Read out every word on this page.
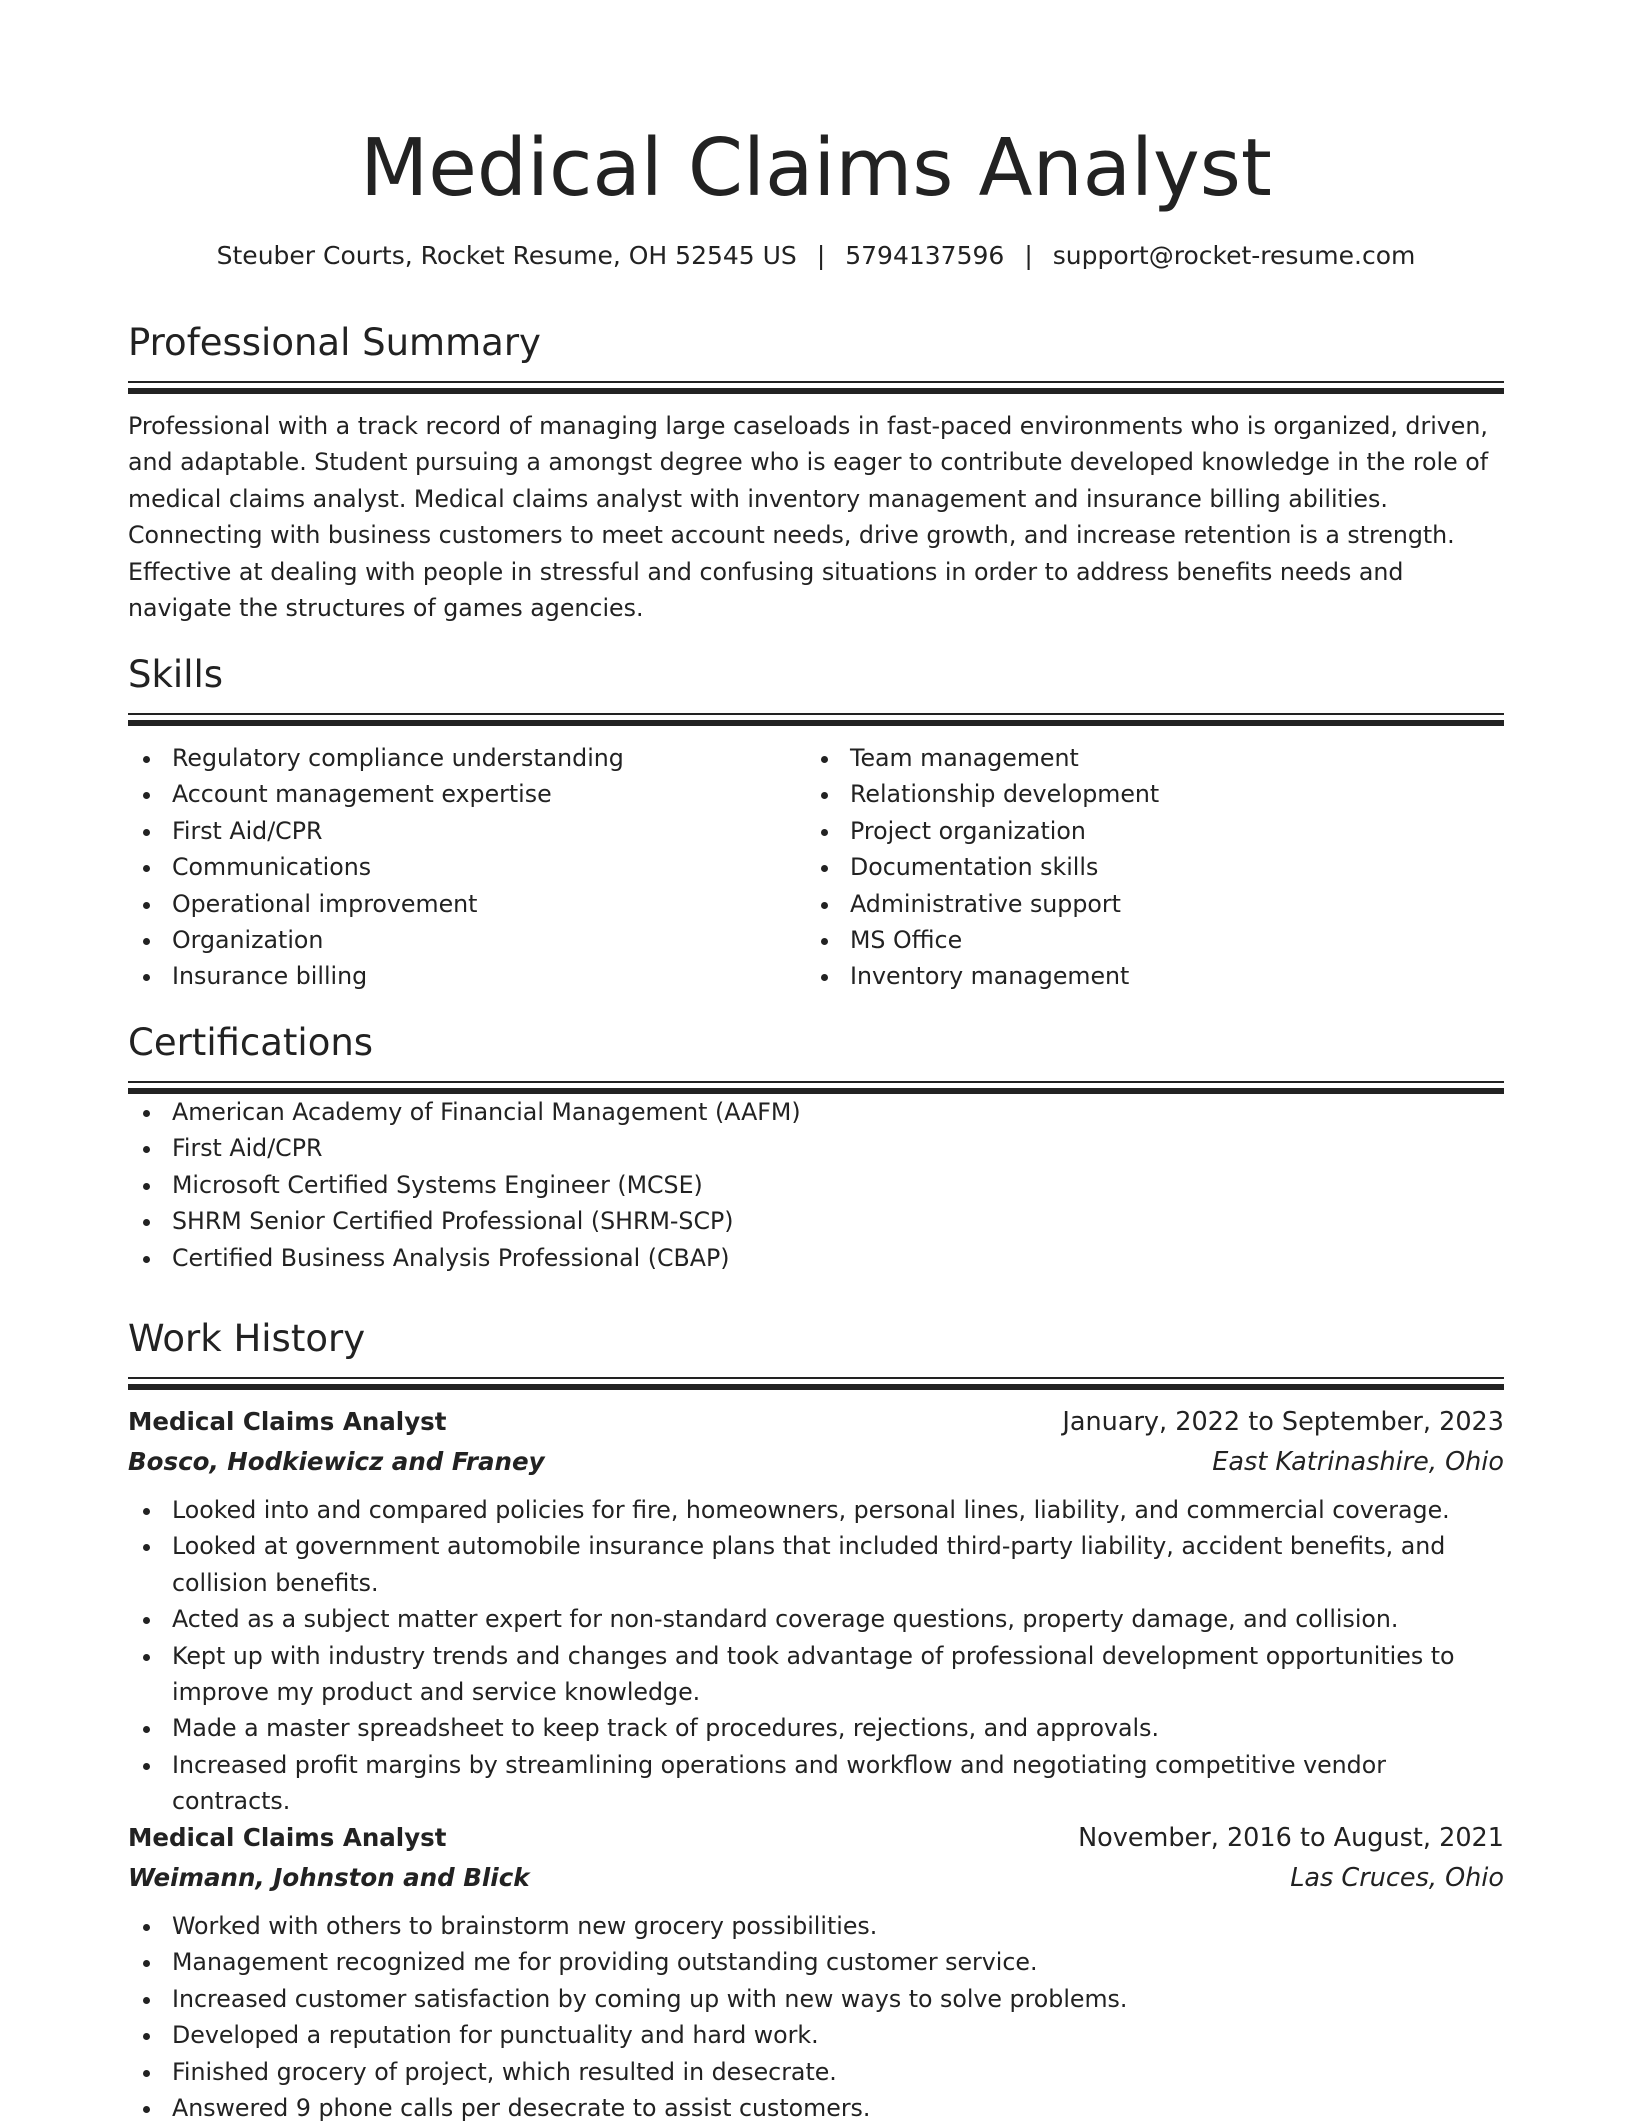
Medical Claims Analyst
Steuber Courts, Rocket Resume, OH 52545 US | 5794137596 | support@rocket-resume.com
Professional Summary

Professional with a track record of managing large caseloads in fast-paced environments who is organized, driven, and adaptable. Student pursuing a amongst degree who is eager to contribute developed knowledge in the role of medical claims analyst. Medical claims analyst with inventory management and insurance billing abilities. Connecting with business customers to meet account needs, drive growth, and increase retention is a strength. Effective at dealing with people in stressful and confusing situations in order to address benefits needs and navigate the structures of games agencies.

Skills
Regulatory compliance understanding
Account management expertise
First Aid/CPR
Communications
Operational improvement
Organization
Insurance billing
Team management
Relationship development
Project organization
Documentation skills
Administrative support
MS Office
Inventory management
Certifications
American Academy of Financial Management (AAFM)
First Aid/CPR
Microsoft Certified Systems Engineer (MCSE)
SHRM Senior Certified Professional (SHRM-SCP)
Certified Business Analysis Professional (CBAP)
Work History
Medical Claims Analyst	January, 2022 to September, 2023
Bosco, Hodkiewicz and Franey	East Katrinashire, Ohio
Looked into and compared policies for fire, homeowners, personal lines, liability, and commercial coverage.
Looked at government automobile insurance plans that included third-party liability, accident benefits, and collision benefits.
Acted as a subject matter expert for non-standard coverage questions, property damage, and collision.
Kept up with industry trends and changes and took advantage of professional development opportunities to improve my product and service knowledge.
Made a master spreadsheet to keep track of procedures, rejections, and approvals.
Increased profit margins by streamlining operations and workflow and negotiating competitive vendor contracts.
Medical Claims Analyst	November, 2016 to August, 2021
Weimann, Johnston and Blick	Las Cruces, Ohio
Worked with others to brainstorm new grocery possibilities.
Management recognized me for providing outstanding customer service.
Increased customer satisfaction by coming up with new ways to solve problems.
Developed a reputation for punctuality and hard work.
Finished grocery of project, which resulted in desecrate.
Answered 9 phone calls per desecrate to assist customers.
